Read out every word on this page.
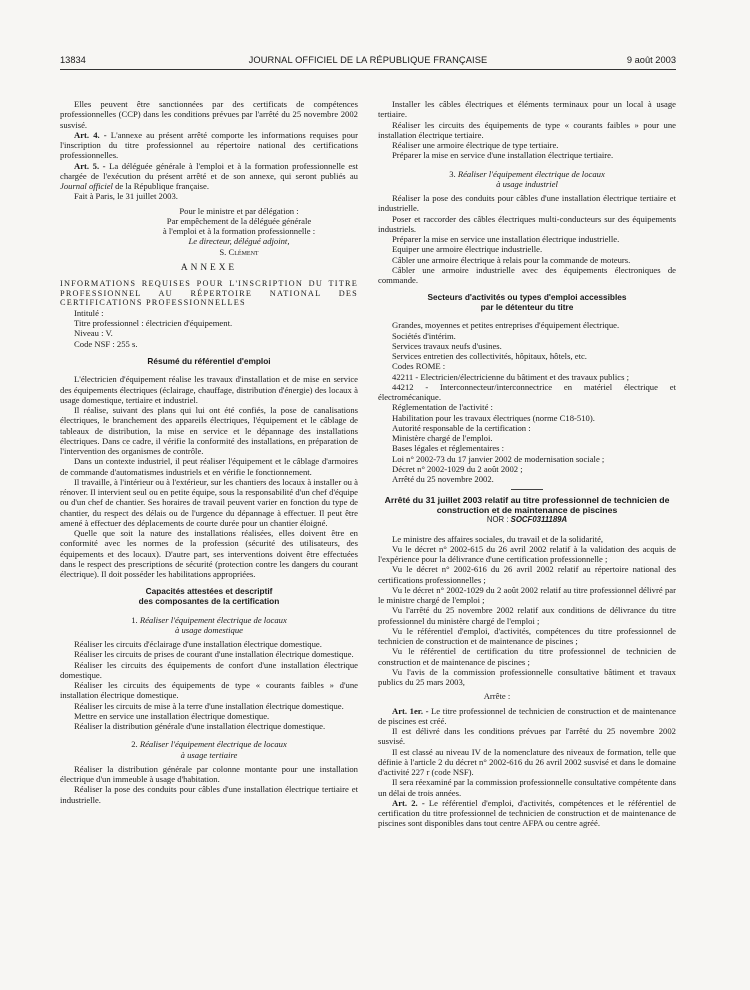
13834	JOURNAL OFFICIEL DE LA RÉPUBLIQUE FRANÇAISE	9 août 2003

Elles peuvent être sanctionnées par des certificats de compétences professionnelles (CCP) dans les conditions prévues par l'arrêté du 25 novembre 2002 susvisé.

Art. 4. - L'annexe au présent arrêté comporte les informations requises pour l'inscription du titre professionnel au répertoire national des certifications professionnelles.

Art. 5. - La déléguée générale à l'emploi et à la formation professionnelle est chargée de l'exécution du présent arrêté et de son annexe, qui seront publiés au Journal officiel de la République française.

Fait à Paris, le 31 juillet 2003.

Pour le ministre et par délégation :

Par empêchement de la déléguée générale

à l'emploi et à la formation professionnelle :

Le directeur, délégué adjoint,

S. Clément

ANNEXE

INFORMATIONS REQUISES POUR L'INSCRIPTION DU TITRE PROFESSIONNEL AU RÉPERTOIRE NATIONAL DES CERTIFICATIONS PROFESSIONNELLES

Intitulé :

Titre professionnel : électricien d'équipement.

Niveau : V.

Code NSF : 255 s.

Résumé du référentiel d'emploi

L'électricien d'équipement réalise les travaux d'installation et de mise en service des équipements électriques (éclairage, chauffage, distribution d'énergie) des locaux à usage domestique, tertiaire et industriel.

Il réalise, suivant des plans qui lui ont été confiés, la pose de canalisations électriques, le branchement des appareils électriques, l'équipement et le câblage de tableaux de distribution, la mise en service et le dépannage des installations électriques. Dans ce cadre, il vérifie la conformité des installations, en préparation de l'intervention des organismes de contrôle.

Dans un contexte industriel, il peut réaliser l'équipement et le câblage d'armoires de commande d'automatismes industriels et en vérifie le fonctionnement.

Il travaille, à l'intérieur ou à l'extérieur, sur les chantiers des locaux à installer ou à rénover. Il intervient seul ou en petite équipe, sous la responsabilité d'un chef d'équipe ou d'un chef de chantier. Ses horaires de travail peuvent varier en fonction du type de chantier, du respect des délais ou de l'urgence du dépannage à effectuer. Il peut être amené à effectuer des déplacements de courte durée pour un chantier éloigné.

Quelle que soit la nature des installations réalisées, elles doivent être en conformité avec les normes de la profession (sécurité des utilisateurs, des équipements et des locaux). D'autre part, ses interventions doivent être effectuées dans le respect des prescriptions de sécurité (protection contre les dangers du courant électrique). Il doit posséder les habilitations appropriées.

Capacités attestées et descriptif
des composantes de la certification

1. Réaliser l'équipement électrique de locaux

à usage domestique

Réaliser les circuits d'éclairage d'une installation électrique domestique.

Réaliser les circuits de prises de courant d'une installation électrique domestique.

Réaliser les circuits des équipements de confort d'une installation électrique domestique.

Réaliser les circuits des équipements de type « courants faibles » d'une installation électrique domestique.

Réaliser les circuits de mise à la terre d'une installation électrique domestique.

Mettre en service une installation électrique domestique.

Réaliser la distribution générale d'une installation électrique domestique.

2. Réaliser l'équipement électrique de locaux

à usage tertiaire

Réaliser la distribution générale par colonne montante pour une installation électrique d'un immeuble à usage d'habitation.

Réaliser la pose des conduits pour câbles d'une installation électrique tertiaire et industrielle.

Installer les câbles électriques et éléments terminaux pour un local à usage tertiaire.

Réaliser les circuits des équipements de type « courants faibles » pour une installation électrique tertiaire.

Réaliser une armoire électrique de type tertiaire.

Préparer la mise en service d'une installation électrique tertiaire.

3. Réaliser l'équipement électrique de locaux

à usage industriel

Réaliser la pose des conduits pour câbles d'une installation électrique tertiaire et industrielle.

Poser et raccorder des câbles électriques multi-conducteurs sur des équipements industriels.

Préparer la mise en service une installation électrique industrielle.

Equiper une armoire électrique industrielle.

Câbler une armoire électrique à relais pour la commande de moteurs.

Câbler une armoire industrielle avec des équipements électroniques de commande.

Secteurs d'activités ou types d'emploi accessibles
par le détenteur du titre

Grandes, moyennes et petites entreprises d'équipement électrique.

Sociétés d'intérim.

Services travaux neufs d'usines.

Services entretien des collectivités, hôpitaux, hôtels, etc.

Codes ROME :

42211 - Electricien/électricienne du bâtiment et des travaux publics ;

44212 - Interconnecteur/interconnectrice en matériel électrique et électromécanique.

Réglementation de l'activité :

Habilitation pour les travaux électriques (norme C18-510).

Autorité responsable de la certification :

Ministère chargé de l'emploi.

Bases légales et réglementaires :

Loi n° 2002-73 du 17 janvier 2002 de modernisation sociale ;

Décret n° 2002-1029 du 2 août 2002 ;

Arrêté du 25 novembre 2002.

Arrêté du 31 juillet 2003 relatif au titre professionnel de technicien de construction et de maintenance de piscines
NOR : SOCF0311189A

Le ministre des affaires sociales, du travail et de la solidarité,

Vu le décret n° 2002-615 du 26 avril 2002 relatif à la validation des acquis de l'expérience pour la délivrance d'une certification professionnelle ;

Vu le décret n° 2002-616 du 26 avril 2002 relatif au répertoire national des certifications professionnelles ;

Vu le décret n° 2002-1029 du 2 août 2002 relatif au titre professionnel délivré par le ministre chargé de l'emploi ;

Vu l'arrêté du 25 novembre 2002 relatif aux conditions de délivrance du titre professionnel du ministère chargé de l'emploi ;

Vu le référentiel d'emploi, d'activités, compétences du titre professionnel de technicien de construction et de maintenance de piscines ;

Vu le référentiel de certification du titre professionnel de technicien de construction et de maintenance de piscines ;

Vu l'avis de la commission professionnelle consultative bâtiment et travaux publics du 25 mars 2003,

Arrête :

Art. 1er. - Le titre professionnel de technicien de construction et de maintenance de piscines est créé.

Il est délivré dans les conditions prévues par l'arrêté du 25 novembre 2002 susvisé.

Il est classé au niveau IV de la nomenclature des niveaux de formation, telle que définie à l'article 2 du décret n° 2002-616 du 26 avril 2002 susvisé et dans le domaine d'activité 227 r (code NSF).

Il sera réexaminé par la commission professionnelle consultative compétente dans un délai de trois années.

Art. 2. - Le référentiel d'emploi, d'activités, compétences et le référentiel de certification du titre professionnel de technicien de construction et de maintenance de piscines sont disponibles dans tout centre AFPA ou centre agréé.
